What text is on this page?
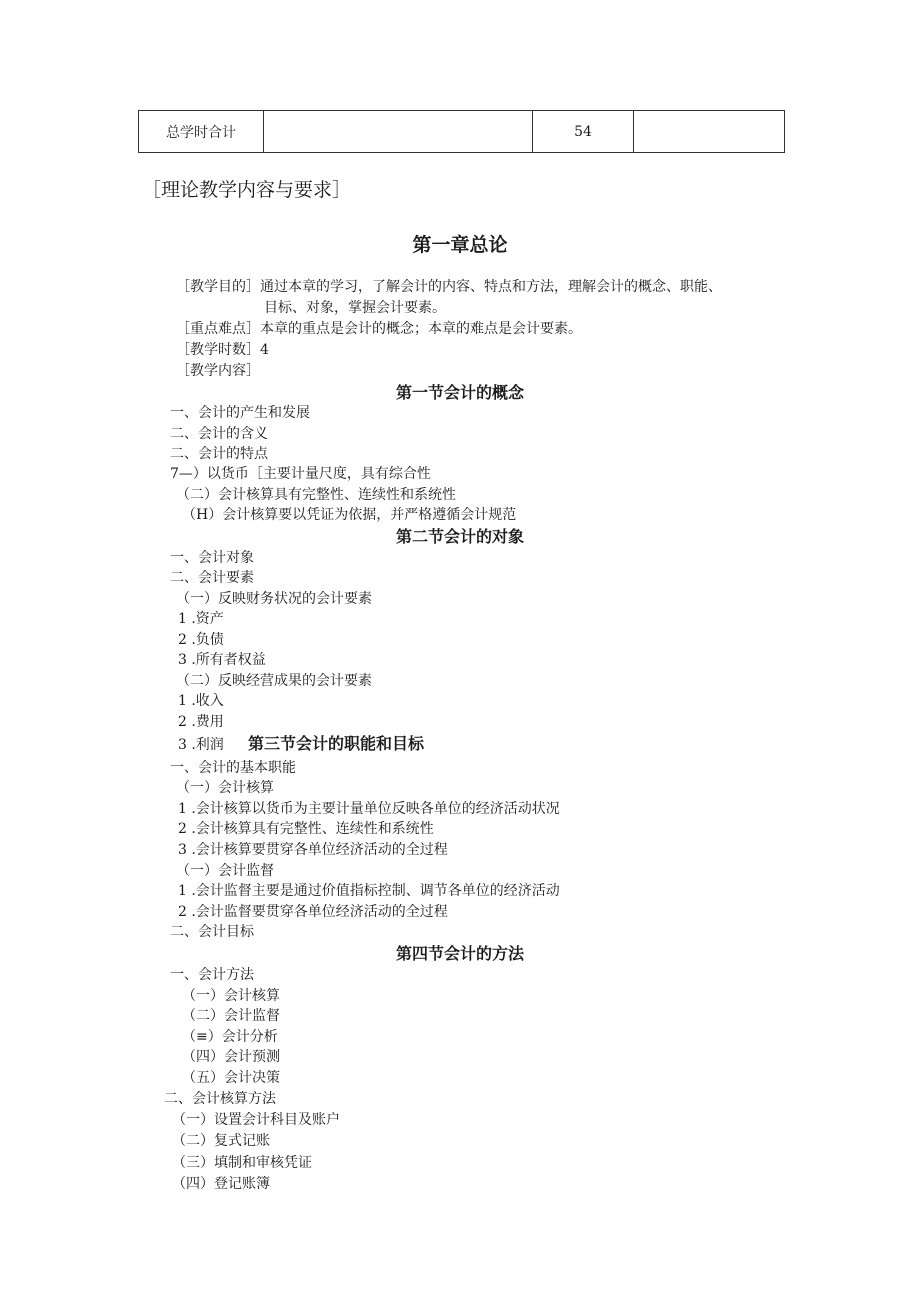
总学时合计		54	
［理论教学内容与要求］
第一章总论
［教学目的］通过本章的学习，了解会计的内容、特点和方法，理解会计的概念、职能、
目标、对象，掌握会计要素。
［重点难点］本章的重点是会计的概念；本章的难点是会计要素。
［教学时数］4
［教学内容］
第一节会计的概念
一、会计的产生和发展
二、会计的含义
二、会计的特点
7—）以货币［主要计量尺度，具有综合性
（二）会计核算具有完整性、连续性和系统性
（H）会计核算要以凭证为依据，并严格遵循会计规范
第二节会计的对象
一、会计对象
二、会计要素
（一）反映财务状况的会计要素
1 .资产
2 .负债
3 .所有者权益
（二）反映经营成果的会计要素
1 .收入
2 .费用
3 .利润 第三节会计的职能和目标
一、会计的基本职能
（一）会计核算
1 .会计核算以货币为主要计量单位反映各单位的经济活动状况
2 .会计核算具有完整性、连续性和系统性
3 .会计核算要贯穿各单位经济活动的全过程
（一）会计监督
1 .会计监督主要是通过价值指标控制、调节各单位的经济活动
2 .会计监督要贯穿各单位经济活动的全过程
二、会计目标
第四节会计的方法
一、会计方法
（一）会计核算
（二）会计监督
（≡）会计分析
（四）会计预测
（五）会计决策
二、会计核算方法
（一）设置会计科目及账户
（二）复式记账
（三）填制和审核凭证
（四）登记账簿
